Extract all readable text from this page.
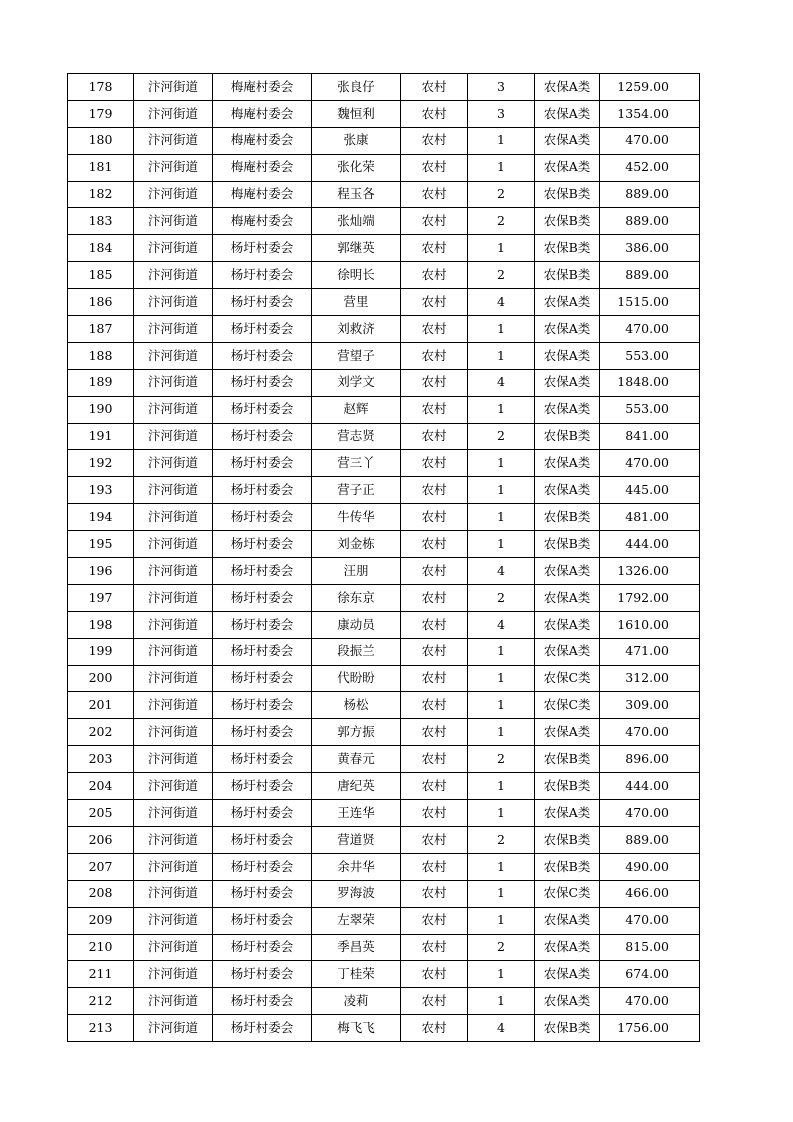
178	汴河街道	梅庵村委会	张良仔	农村	3	农保A类	1259.00
179	汴河街道	梅庵村委会	魏恒利	农村	3	农保A类	1354.00
180	汴河街道	梅庵村委会	张康	农村	1	农保A类	470.00
181	汴河街道	梅庵村委会	张化荣	农村	1	农保A类	452.00
182	汴河街道	梅庵村委会	程玉各	农村	2	农保B类	889.00
183	汴河街道	梅庵村委会	张灿端	农村	2	农保B类	889.00
184	汴河街道	杨圩村委会	郭继英	农村	1	农保B类	386.00
185	汴河街道	杨圩村委会	徐明长	农村	2	农保B类	889.00
186	汴河街道	杨圩村委会	营里	农村	4	农保A类	1515.00
187	汴河街道	杨圩村委会	刘救济	农村	1	农保A类	470.00
188	汴河街道	杨圩村委会	营望子	农村	1	农保A类	553.00
189	汴河街道	杨圩村委会	刘学文	农村	4	农保A类	1848.00
190	汴河街道	杨圩村委会	赵辉	农村	1	农保A类	553.00
191	汴河街道	杨圩村委会	营志贤	农村	2	农保B类	841.00
192	汴河街道	杨圩村委会	营三丫	农村	1	农保A类	470.00
193	汴河街道	杨圩村委会	营子正	农村	1	农保A类	445.00
194	汴河街道	杨圩村委会	牛传华	农村	1	农保B类	481.00
195	汴河街道	杨圩村委会	刘金栋	农村	1	农保B类	444.00
196	汴河街道	杨圩村委会	汪朋	农村	4	农保A类	1326.00
197	汴河街道	杨圩村委会	徐东京	农村	2	农保A类	1792.00
198	汴河街道	杨圩村委会	康动员	农村	4	农保A类	1610.00
199	汴河街道	杨圩村委会	段振兰	农村	1	农保A类	471.00
200	汴河街道	杨圩村委会	代盼盼	农村	1	农保C类	312.00
201	汴河街道	杨圩村委会	杨松	农村	1	农保C类	309.00
202	汴河街道	杨圩村委会	郭方振	农村	1	农保A类	470.00
203	汴河街道	杨圩村委会	黄春元	农村	2	农保B类	896.00
204	汴河街道	杨圩村委会	唐纪英	农村	1	农保B类	444.00
205	汴河街道	杨圩村委会	王连华	农村	1	农保A类	470.00
206	汴河街道	杨圩村委会	营道贤	农村	2	农保B类	889.00
207	汴河街道	杨圩村委会	余井华	农村	1	农保B类	490.00
208	汴河街道	杨圩村委会	罗海波	农村	1	农保C类	466.00
209	汴河街道	杨圩村委会	左翠荣	农村	1	农保A类	470.00
210	汴河街道	杨圩村委会	季昌英	农村	2	农保A类	815.00
211	汴河街道	杨圩村委会	丁桂荣	农村	1	农保A类	674.00
212	汴河街道	杨圩村委会	凌莉	农村	1	农保A类	470.00
213	汴河街道	杨圩村委会	梅飞飞	农村	4	农保B类	1756.00
